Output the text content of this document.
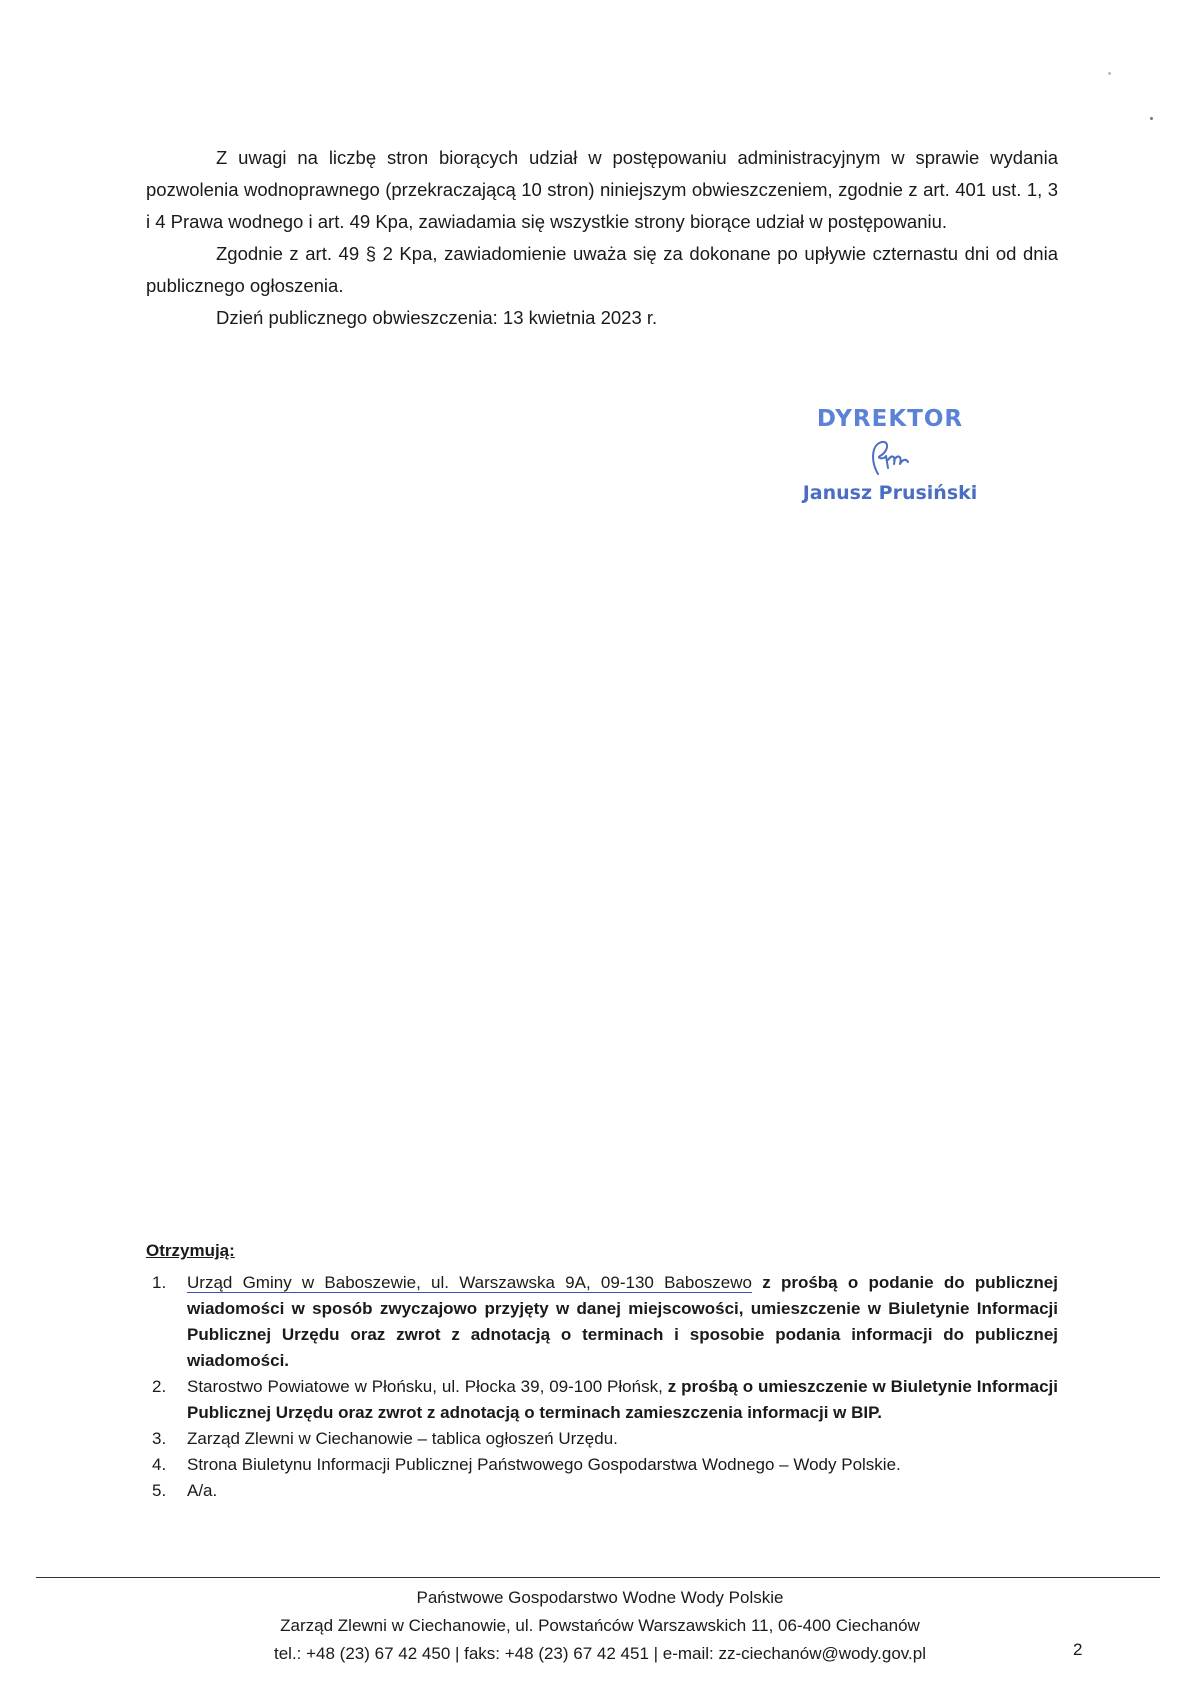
Z uwagi na liczbę stron biorących udział w postępowaniu administracyjnym w sprawie wydania pozwolenia wodnoprawnego (przekraczającą 10 stron) niniejszym obwieszczeniem, zgodnie z art. 401 ust. 1, 3 i 4 Prawa wodnego i art. 49 Kpa, zawiadamia się wszystkie strony biorące udział w postępowaniu.

Zgodnie z art. 49 § 2 Kpa, zawiadomienie uważa się za dokonane po upływie czternastu dni od dnia publicznego ogłoszenia.

Dzień publicznego obwieszczenia: 13 kwietnia 2023 r.

DYREKTOR
Janusz Prusiński
Otrzymują:
1. Urząd Gminy w Baboszewie, ul. Warszawska 9A, 09-130 Baboszewo z prośbą o podanie do publicznej wiadomości w sposób zwyczajowo przyjęty w danej miejscowości, umieszczenie w Biuletynie Informacji Publicznej Urzędu oraz zwrot z adnotacją o terminach i sposobie podania informacji do publicznej wiadomości.
2. Starostwo Powiatowe w Płońsku, ul. Płocka 39, 09-100 Płońsk, z prośbą o umieszczenie w Biuletynie Informacji Publicznej Urzędu oraz zwrot z adnotacją o terminach zamieszczenia informacji w BIP.
3. Zarząd Zlewni w Ciechanowie – tablica ogłoszeń Urzędu.
4. Strona Biuletynu Informacji Publicznej Państwowego Gospodarstwa Wodnego – Wody Polskie.
5. A/a.
Państwowe Gospodarstwo Wodne Wody Polskie
Zarząd Zlewni w Ciechanowie, ul. Powstańców Warszawskich 11, 06-400 Ciechanów
tel.: +48 (23) 67 42 450 | faks: +48 (23) 67 42 451 | e-mail: zz-ciechanów@wody.gov.pl	2
